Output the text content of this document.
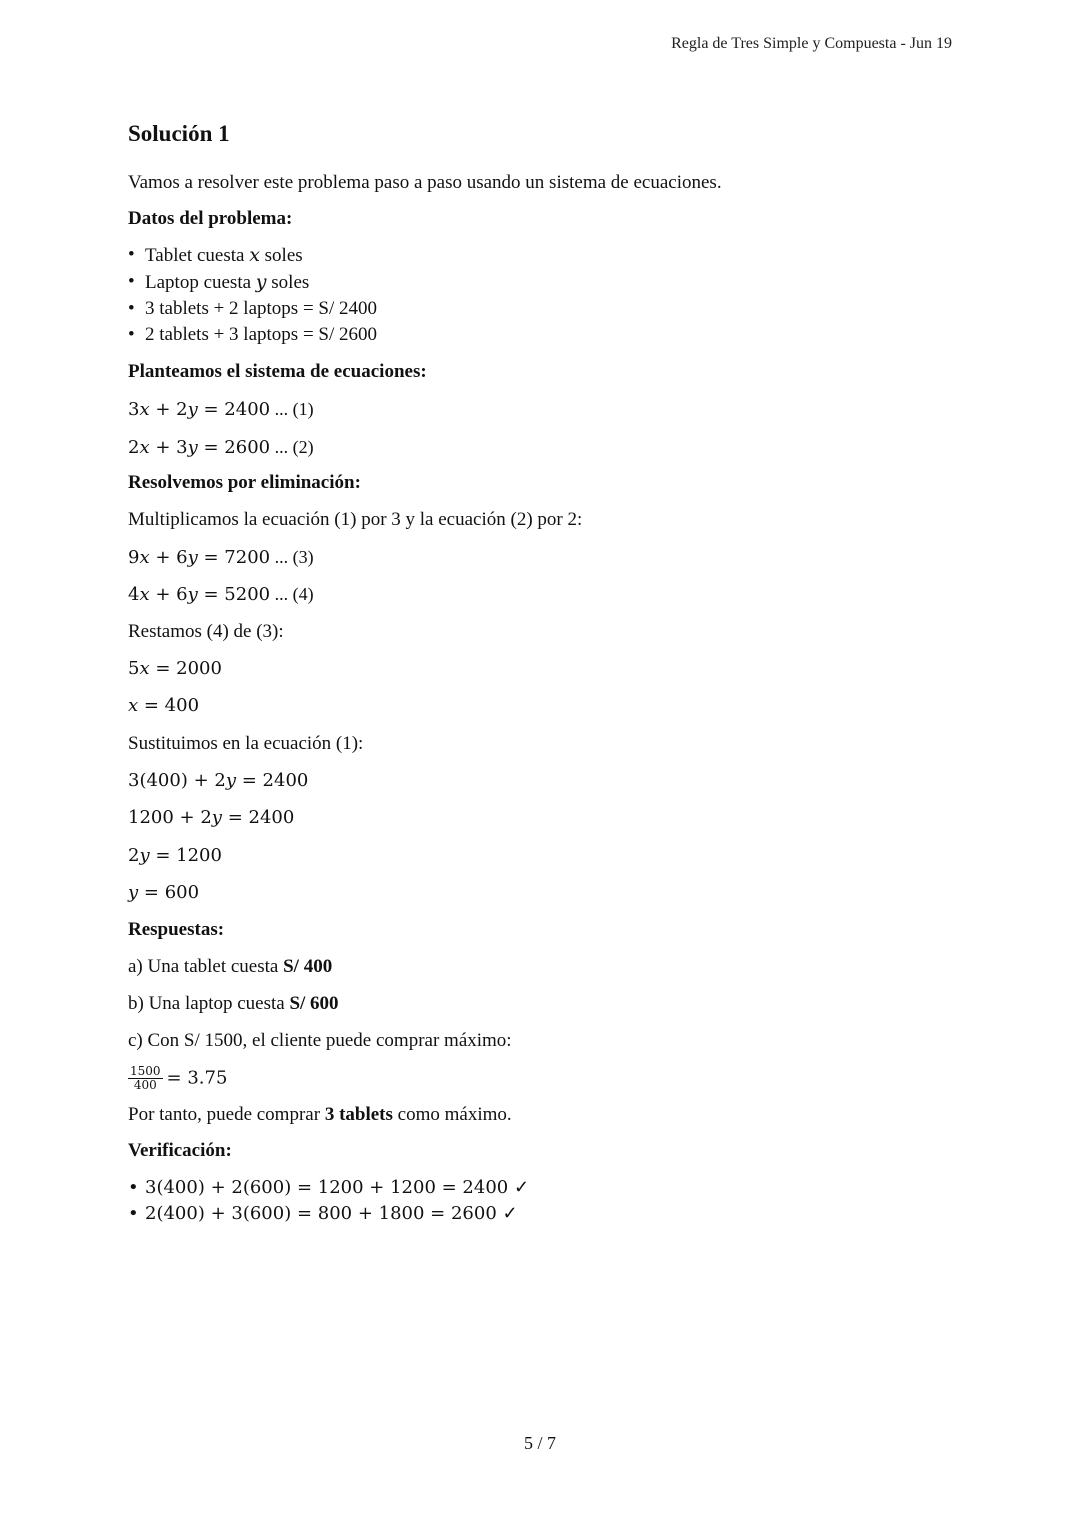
Regla de Tres Simple y Compuesta - Jun 19
Solución 1

Vamos a resolver este problema paso a paso usando un sistema de ecuaciones.

Datos del problema:

• Tablet cuesta x soles
• Laptop cuesta y soles
• 3 tablets + 2 laptops = S/ 2400
• 2 tablets + 3 laptops = S/ 2600

Planteamos el sistema de ecuaciones:

3x + 2y = 2400 ... (1)
2x + 3y = 2600 ... (2)

Resolvemos por eliminación:

Multiplicamos la ecuación (1) por 3 y la ecuación (2) por 2:

9x + 6y = 7200 ... (3)
4x + 6y = 5200 ... (4)

Restamos (4) de (3):

5x = 2000
x = 400

Sustituimos en la ecuación (1):

3(400) + 2y = 2400
1200 + 2y = 2400
2y = 1200
y = 600

Respuestas:

a) Una tablet cuesta S/ 400

b) Una laptop cuesta S/ 600

c) Con S/ 1500, el cliente puede comprar máximo:

$\frac{1500}{400} = 3.75$

Por tanto, puede comprar 3 tablets como máximo.

Verificación:

• 3(400) + 2(600) = 1200 + 1200 = 2400 ✓
• 2(400) + 3(600) = 800 + 1800 = 2600 ✓
5 / 7
